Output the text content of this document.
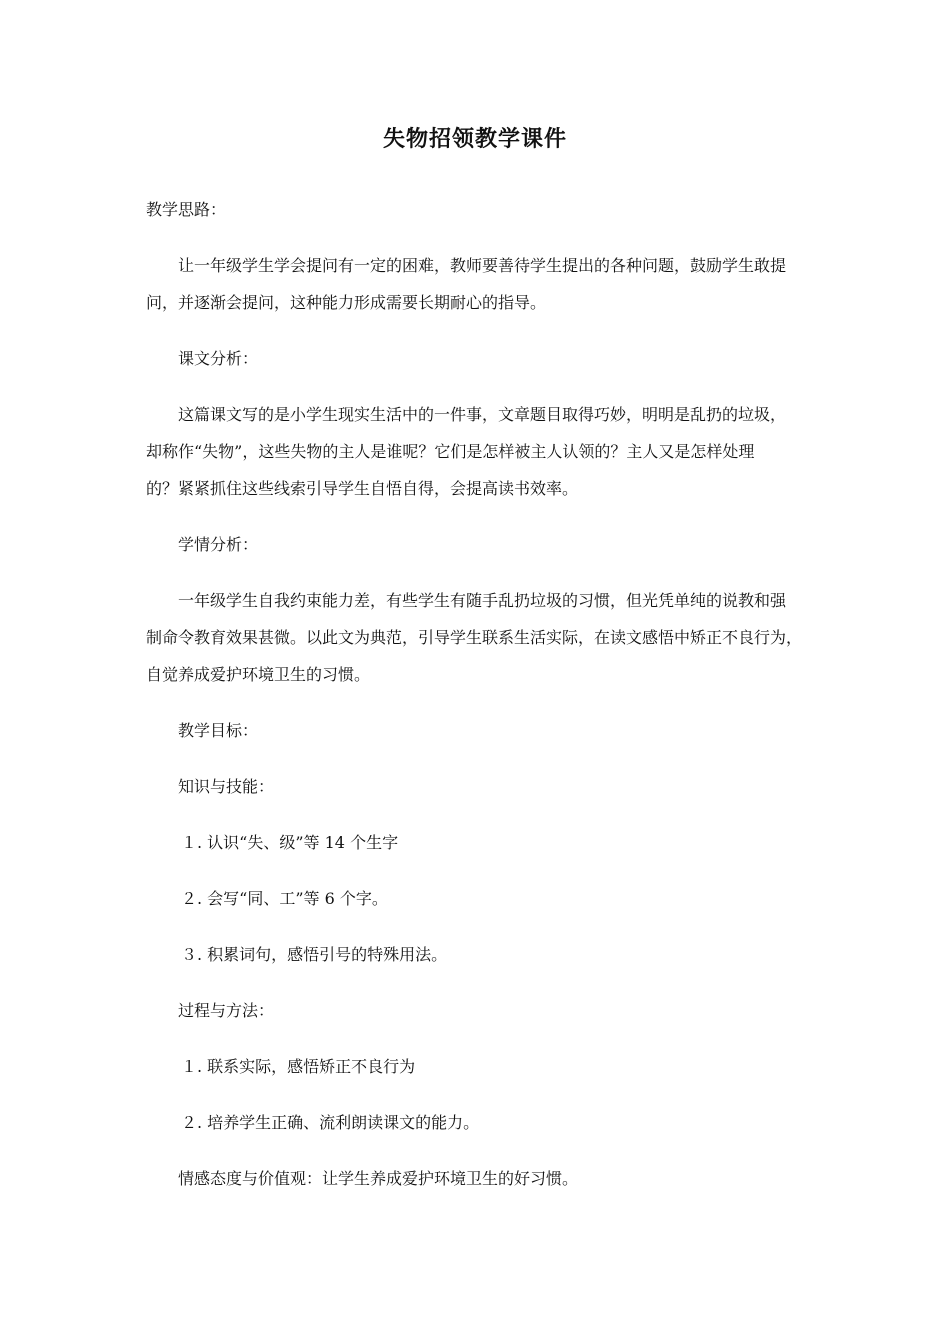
失物招领教学课件
教学思路：
让一年级学生学会提问有一定的困难，教师要善待学生提出的各种问题，鼓励学生敢提
问，并逐渐会提问，这种能力形成需要长期耐心的指导。
课文分析：
这篇课文写的是小学生现实生活中的一件事，文章题目取得巧妙，明明是乱扔的垃圾，
却称作“失物”，这些失物的主人是谁呢？它们是怎样被主人认领的？主人又是怎样处理
的？紧紧抓住这些线索引导学生自悟自得，会提高读书效率。
学情分析：
一年级学生自我约束能力差，有些学生有随手乱扔垃圾的习惯，但光凭单纯的说教和强
制命令教育效果甚微。以此文为典范，引导学生联系生活实际，在读文感悟中矫正不良行为，
自觉养成爱护环境卫生的习惯。
教学目标：
知识与技能：
１. 认识“失、级”等 14 个生字
２. 会写“同、工”等 6 个字。
３. 积累词句，感悟引号的特殊用法。
过程与方法：
１. 联系实际，感悟矫正不良行为
２. 培养学生正确、流利朗读课文的能力。
情感态度与价值观：让学生养成爱护环境卫生的好习惯。
